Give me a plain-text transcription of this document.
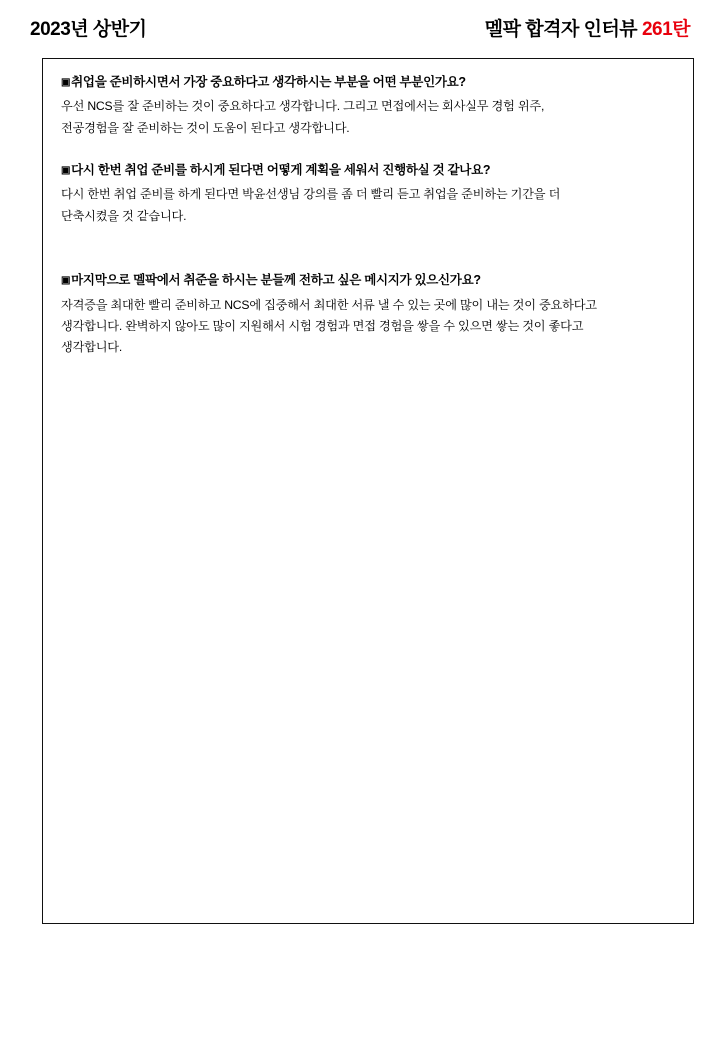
2023년 상반기	멜팍 합격자 인터뷰 261탄

▣ 취업을 준비하시면서 가장 중요하다고 생각하시는 부분을 어떤 부분인가요?

우선 NCS를 잘 준비하는 것이 중요하다고 생각합니다. 그리고 면접에서는 회사실무 경험 위주,
전공경험을 잘 준비하는 것이 도움이 된다고 생각합니다.

▣ 다시 한번 취업 준비를 하시게 된다면 어떻게 계획을 세워서 진행하실 것 같나요?

다시 한번 취업 준비를 하게 된다면 박윤선생님 강의를 좀 더 빨리 듣고 취업을 준비하는 기간을 더
단축시켰을 것 같습니다.

▣ 마지막으로 멜팍에서 취준을 하시는 분들께 전하고 싶은 메시지가 있으신가요?

자격증을 최대한 빨리 준비하고 NCS에 집중해서 최대한 서류 낼 수 있는 곳에 많이 내는 것이 중요하다고
생각합니다. 완벽하지 않아도 많이 지원해서 시험 경험과 면접 경험을 쌓을 수 있으면 쌓는 것이 좋다고
생각합니다.
